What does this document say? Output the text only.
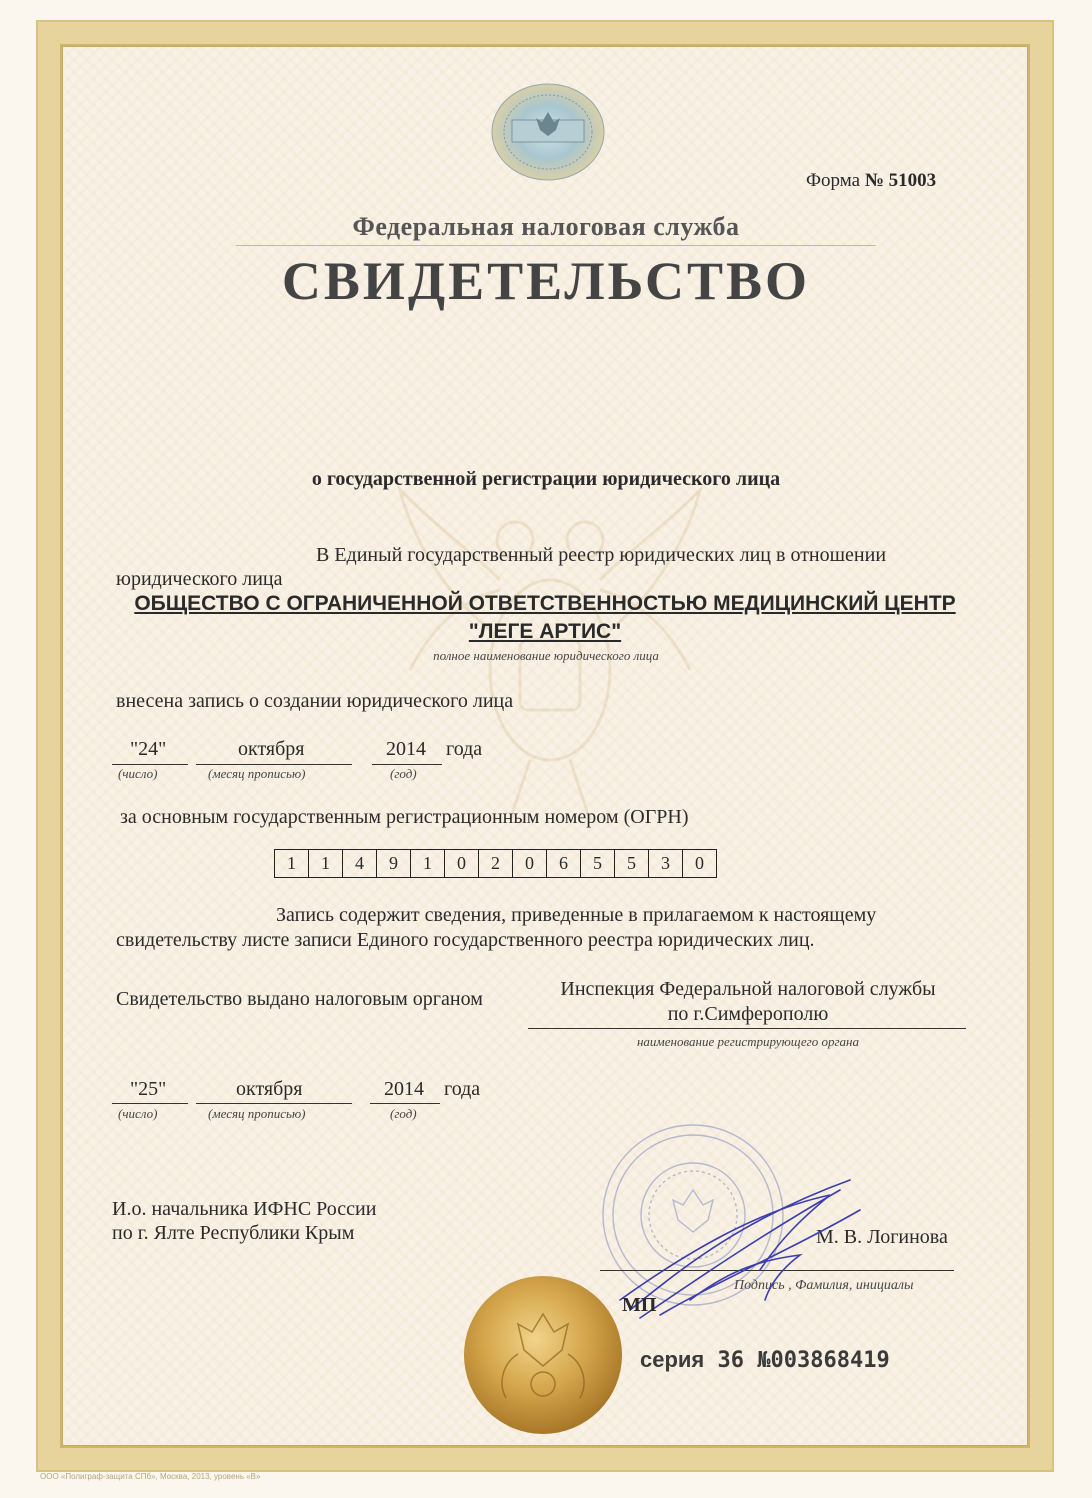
Форма № 51003
Федеральная налоговая служба
СВИДЕТЕЛЬСТВО
о государственной регистрации юридического лица
В Единый государственный реестр юридических лиц в отношении
юридического лица
ОБЩЕСТВО С ОГРАНИЧЕННОЙ ОТВЕТСТВЕННОСТЬЮ МЕДИЦИНСКИЙ ЦЕНТР "ЛЕГЕ АРТИС"
полное наименование юридического лица
внесена запись о создании юридического лица
"24"	октября	2014 года
(число)	(месяц прописью)	(год)
за основным государственным регистрационным номером (ОГРН)
1	1	4	9	1	0	2	0	6	5	5	3	0
Запись содержит сведения, приведенные в прилагаемом к настоящему
свидетельству листе записи Единого государственного реестра юридических лиц.
Свидетельство выдано налоговым органом	Инспекция Федеральной налоговой службы
по г.Симферополю
наименование регистрирующего органа
"25"	октября	2014 года
(число)	(месяц прописью)	(год)
И.о. начальника ИФНС России
по г. Ялте Республики Крым	М. В. Логинова
Подпись , Фамилия, инициалы
МП
серия 36 №003868419
ООО «Полиграф-защита СПб», Москва, 2013, уровень «В»
